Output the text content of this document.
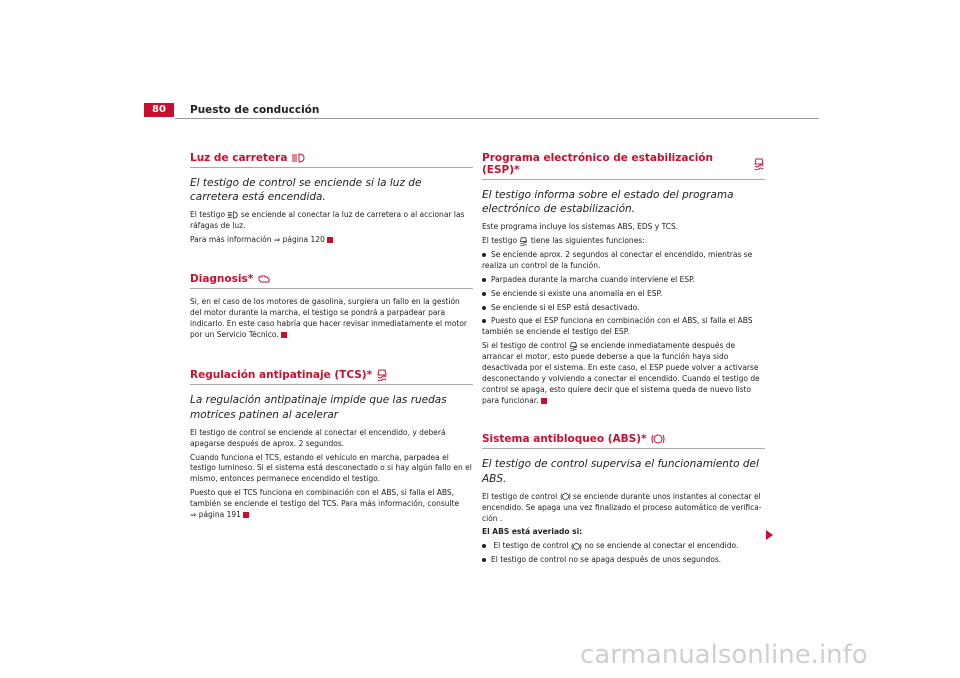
80	Puesto de conducción
Luz de carretera
El testigo de control se enciende si la luz de carretera está encendida.

El testigo se enciende al conectar la luz de carretera o al accionar las ráfagas de luz.

Para más información ⇒ página 120

Diagnosis*

Si, en el caso de los motores de gasolina, surgiera un fallo en la gestión del motor durante la marcha, el testigo se pondrá a parpadear para indicarlo. En este caso habría que hacer revisar inmediatamente el motor por un Servicio Técnico.

Regulación antipatinaje (TCS)*
La regulación antipatinaje impide que las ruedas motrices patinen al acelerar

El testigo de control se enciende al conectar el encendido, y deberá apagarse después de aprox. 2 segundos.

Cuando funciona el TCS, estando el vehículo en marcha, parpadea el testigo luminoso. Si el sistema está desconectado o si hay algún fallo en el mismo, entonces permanece encendido el testigo.

Puesto que el TCS funciona en combinación con el ABS, si falla el ABS, también se enciende el testigo del TCS. Para más información, consulte
⇒ página 191

Programa electrónico de estabilización (ESP)*
El testigo informa sobre el estado del programa electrónico de estabilización.

Este programa incluye los sistemas ABS, EDS y TCS.

El testigo tiene las siguientes funciones:

Se enciende aprox. 2 segundos al conectar el encendido, mientras se realiza un control de la función.
Parpadea durante la marcha cuando interviene el ESP.
Se enciende si existe una anomalía en el ESP.
Se enciende si el ESP está desactivado.
Puesto que el ESP funciona en combinación con el ABS, si falla el ABS también se enciende el testigo del ESP.

Si el testigo de control se enciende inmediatamente después de arrancar el motor, esto puede deberse a que la función haya sido desactivada por el sistema. En este caso, el ESP puede volver a activarse desconectando y volviendo a conectar el encendido. Cuando el testigo de control se apaga, esto quiere decir que el sistema queda de nuevo listo para funcionar.

Sistema antibloqueo (ABS)*
El testigo de control supervisa el funcionamiento del ABS.

El testigo de control se enciende durante unos instantes al conectar el encendido. Se apaga una vez finalizado el proceso automático de verifica-ción .

El ABS está averiado si:

El testigo de control no se enciende al conectar el encendido.
El testigo de control no se apaga después de unos segundos.
carmanualsonline.info
